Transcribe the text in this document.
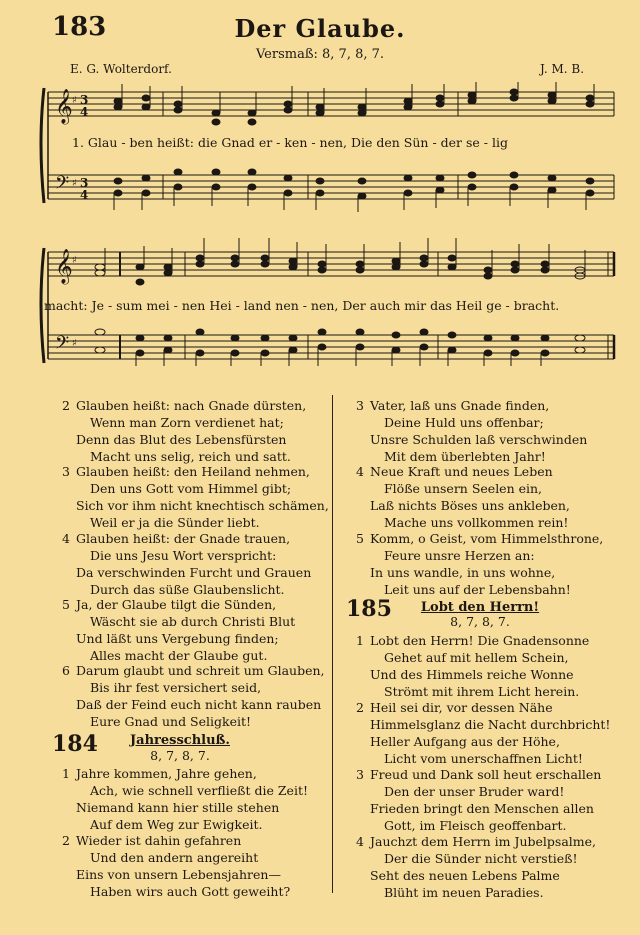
183	Der Glaube.
Versmaß: 8, 7, 8, 7.
E. G. Wolterdorf.	J. M. B.
𝄞
𝄢
♯
♯
3
4
3
4
1. Glau - ben heißt: die Gnad er - ken - nen, Die den Sün - der se - lig
𝄞
𝄢
♯
♯
macht: Je - sum mei - nen Hei - land nen - nen, Der auch mir das Heil ge - bracht.
2 Glauben heißt: nach Gnade dürsten,
Wenn man Zorn verdienet hat;
Denn das Blut des Lebensfürsten
Macht uns selig, reich und satt.
3 Glauben heißt: den Heiland nehmen,
Den uns Gott vom Himmel gibt;
Sich vor ihm nicht knechtisch schämen,
Weil er ja die Sünder liebt.
4 Glauben heißt: der Gnade trauen,
Die uns Jesu Wort verspricht:
Da verschwinden Furcht und Grauen
Durch das süße Glaubenslicht.
5 Ja, der Glaube tilgt die Sünden,
Wäscht sie ab durch Christi Blut
Und läßt uns Vergebung finden;
Alles macht der Glaube gut.
6 Darum glaubt und schreit um Glauben,
Bis ihr fest versichert seid,
Daß der Feind euch nicht kann rauben
Eure Gnad und Seligkeit!
184	Jahresschluß.
8, 7, 8, 7.
1 Jahre kommen, Jahre gehen,
Ach, wie schnell verfließt die Zeit!
Niemand kann hier stille stehen
Auf dem Weg zur Ewigkeit.
2 Wieder ist dahin gefahren
Und den andern angereiht
Eins von unsern Lebensjahren—
Haben wirs auch Gott geweiht?
3 Vater, laß uns Gnade finden,
Deine Huld uns offenbar;
Unsre Schulden laß verschwinden
Mit dem überlebten Jahr!
4 Neue Kraft und neues Leben
Flöße unsern Seelen ein,
Laß nichts Böses uns ankleben,
Mache uns vollkommen rein!
5 Komm, o Geist, vom Himmelsthrone,
Feure unsre Herzen an:
In uns wandle, in uns wohne,
Leit uns auf der Lebensbahn!
185	Lobt den Herrn!
8, 7, 8, 7.
1 Lobt den Herrn! Die Gnadensonne
Gehet auf mit hellem Schein,
Und des Himmels reiche Wonne
Strömt mit ihrem Licht herein.
2 Heil sei dir, vor dessen Nähe
Himmelsglanz die Nacht durchbricht!
Heller Aufgang aus der Höhe,
Licht vom unerschaffnen Licht!
3 Freud und Dank soll heut erschallen
Den der unser Bruder ward!
Frieden bringt den Menschen allen
Gott, im Fleisch geoffenbart.
4 Jauchzt dem Herrn im Jubelpsalme,
Der die Sünder nicht verstieß!
Seht des neuen Lebens Palme
Blüht im neuen Paradies.
